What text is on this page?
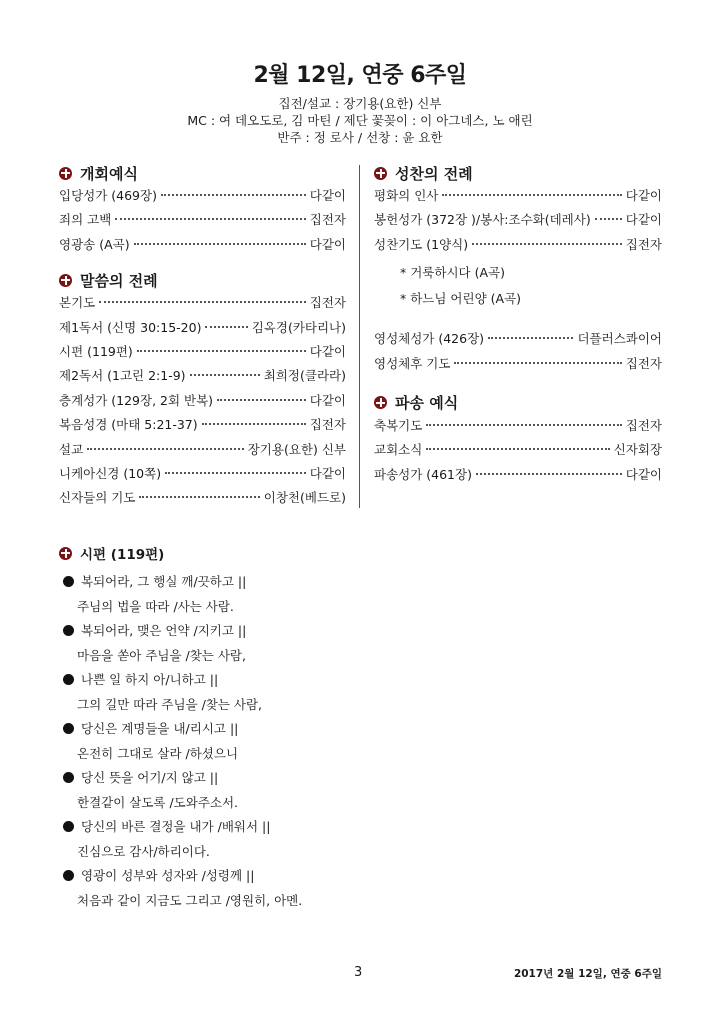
2월 12일, 연중 6주일
집전/설교 : 장기용(요한) 신부
MC : 여 데오도로, 김 마틴 / 제단 꽃꽂이 : 이 아그네스, 노 애린
반주 : 정 로사 / 선창 : 윤 요한
개회예식
입당성가 (469장)	다같이
죄의 고백	집전자
영광송 (A곡)	다같이
말씀의 전례
본기도	집전자
제1독서 (신명 30:15-20)	김옥경(카타리나)
시편 (119편)	다같이
제2독서 (1고린 2:1-9)	최희정(클라라)
층계성가 (129장, 2회 반복)	다같이
복음성경 (마태 5:21-37)	집전자
설교	장기용(요한) 신부
니케아신경 (10쪽)	다같이
신자들의 기도	이창천(베드로)
성찬의 전례
평화의 인사	다같이
봉헌성가 (372장 )/봉사:조수화(데레사)	다같이
성찬기도 (1양식)	집전자
* 거룩하시다 (A곡)
* 하느님 어린양 (A곡)
영성체성가 (426장)	더플러스콰이어
영성체후 기도	집전자
파송 예식
축복기도	집전자
교회소식	신자회장
파송성가 (461장)	다같이
시편 (119편)
복되어라, 그 행실 깨/끗하고 ||
주님의 법을 따라 /사는 사람.
복되어라, 맺은 언약 /지키고 ||
마음을 쏟아 주님을 /찾는 사람,
나쁜 일 하지 아/니하고 ||
그의 길만 따라 주님을 /찾는 사람,
당신은 계명들을 내/리시고 ||
온전히 그대로 살라 /하셨으니
당신 뜻을 어기/지 않고 ||
한결같이 살도록 /도와주소서.
당신의 바른 결정을 내가 /배워서 ||
진심으로 감사/하리이다.
영광이 성부와 성자와 /성령께 ||
처음과 같이 지금도 그리고 /영원히, 아멘.
3	2017년 2월 12일, 연중 6주일
